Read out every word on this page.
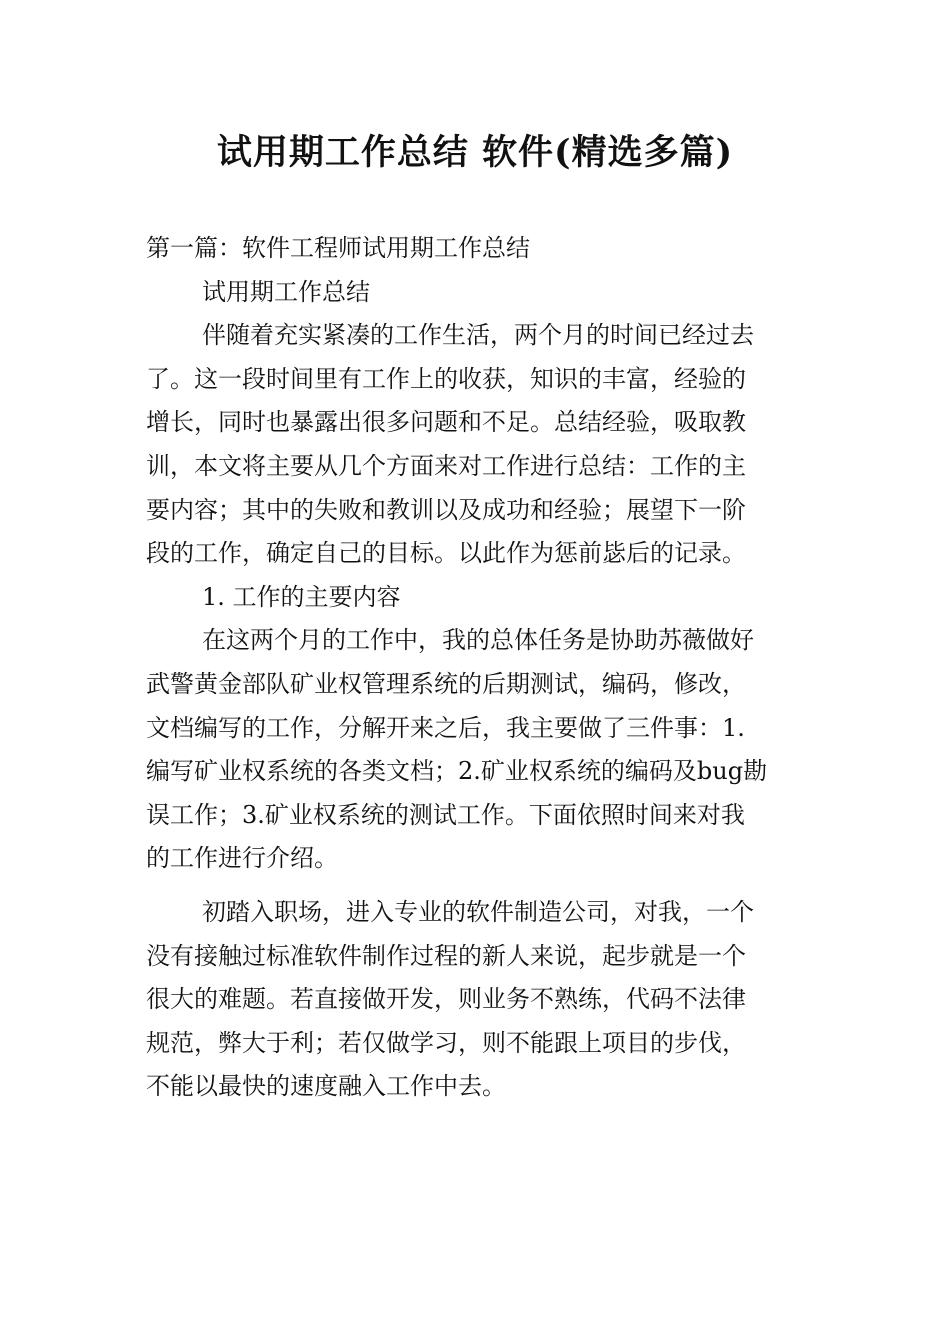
试用期工作总结 软件(精选多篇)
第一篇：软件工程师试用期工作总结
试用期工作总结
伴随着充实紧凑的工作生活，两个月的时间已经过去
了。这一段时间里有工作上的收获，知识的丰富，经验的
增长，同时也暴露出很多问题和不足。总结经验，吸取教
训，本文将主要从几个方面来对工作进行总结：工作的主
要内容；其中的失败和教训以及成功和经验；展望下一阶
段的工作，确定自己的目标。以此作为惩前毖后的记录。
1. 工作的主要内容
在这两个月的工作中，我的总体任务是协助苏薇做好
武警黄金部队矿业权管理系统的后期测试，编码，修改，
文档编写的工作，分解开来之后，我主要做了三件事：1.
编写矿业权系统的各类文档；2.矿业权系统的编码及bug勘
误工作；3.矿业权系统的测试工作。下面依照时间来对我
的工作进行介绍。
初踏入职场，进入专业的软件制造公司，对我，一个
没有接触过标准软件制作过程的新人来说，起步就是一个
很大的难题。若直接做开发，则业务不熟练，代码不法律
规范，弊大于利；若仅做学习，则不能跟上项目的步伐，
不能以最快的速度融入工作中去。
